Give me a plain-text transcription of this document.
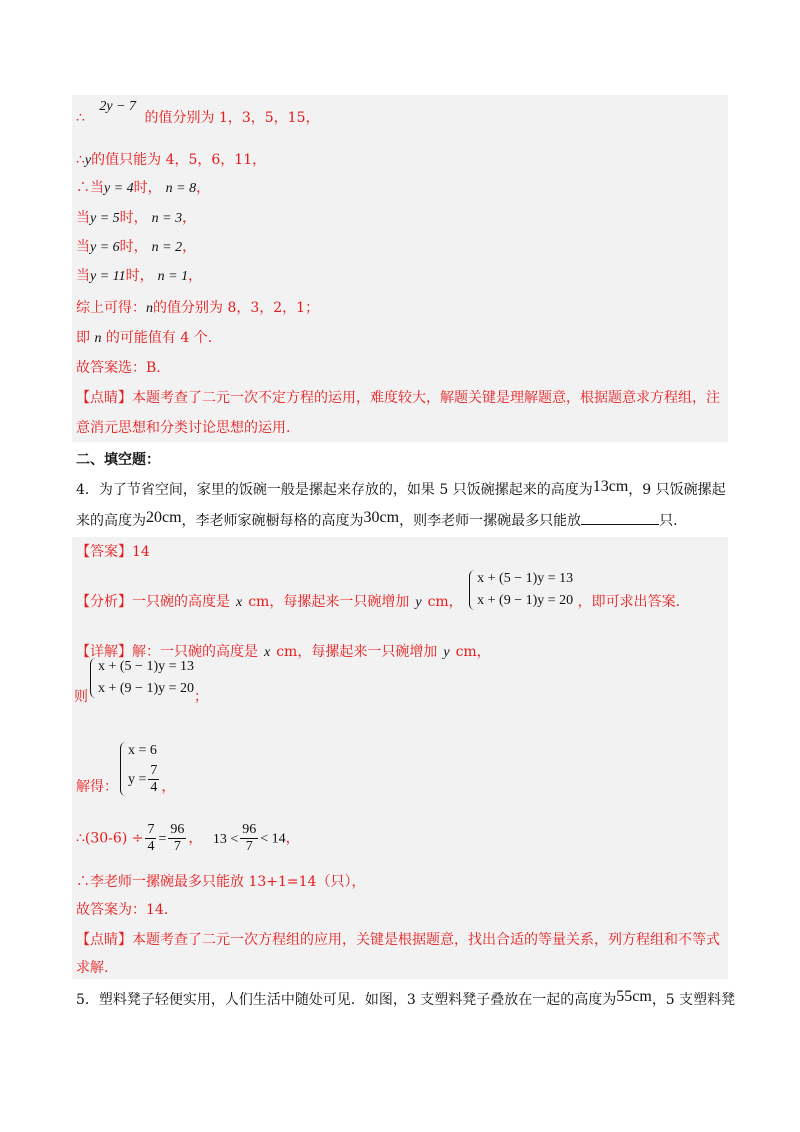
∴ 2y − 7 的值分别为 1，3，5，15，
∴y的值只能为 4，5，6，11，
∴当y = 4时， n = 8，
当y = 5时， n = 3，
当y = 6时， n = 2，
当y = 11时， n = 1，
综上可得：n的值分别为 8，3，2，1；
即 n 的可能值有 4 个.
故答案选：B.
【点睛】本题考查了二元一次不定方程的运用，难度较大，解题关键是理解题意，根据题意求方程组，注
意消元思想和分类讨论思想的运用.
二、填空题：
4．为了节省空间，家里的饭碗一般是摞起来存放的，如果 5 只饭碗摞起来的高度为13cm，9 只饭碗摞起
来的高度为20cm，李老师家碗橱每格的高度为30cm，则李老师一摞碗最多只能放	只.
【答案】14
【分析】一只碗的高度是 x cm，每摞起来一只碗增加 y cm，
x + (5 − 1)y = 13
x + (9 − 1)y = 20 ，即可求出答案.
【详解】解：一只碗的高度是 x cm，每摞起来一只碗增加 y cm，
则
x + (5 − 1)y = 13
x + (9 − 1)y = 20
；
解得：
x = 6
$y = \frac{7}{4}$ ，
∴(30-6) ÷ $\frac{7}{4} = \frac{96}{7}$ ， $13 < \frac{96}{7} < 14$，
∴李老师一摞碗最多只能放 13+1=14（只），
故答案为：14.
【点睛】本题考查了二元一次方程组的应用，关键是根据题意，找出合适的等量关系，列方程组和不等式
求解.
5．塑料凳子轻便实用，人们生活中随处可见．如图，3 支塑料凳子叠放在一起的高度为55cm，5 支塑料凳
